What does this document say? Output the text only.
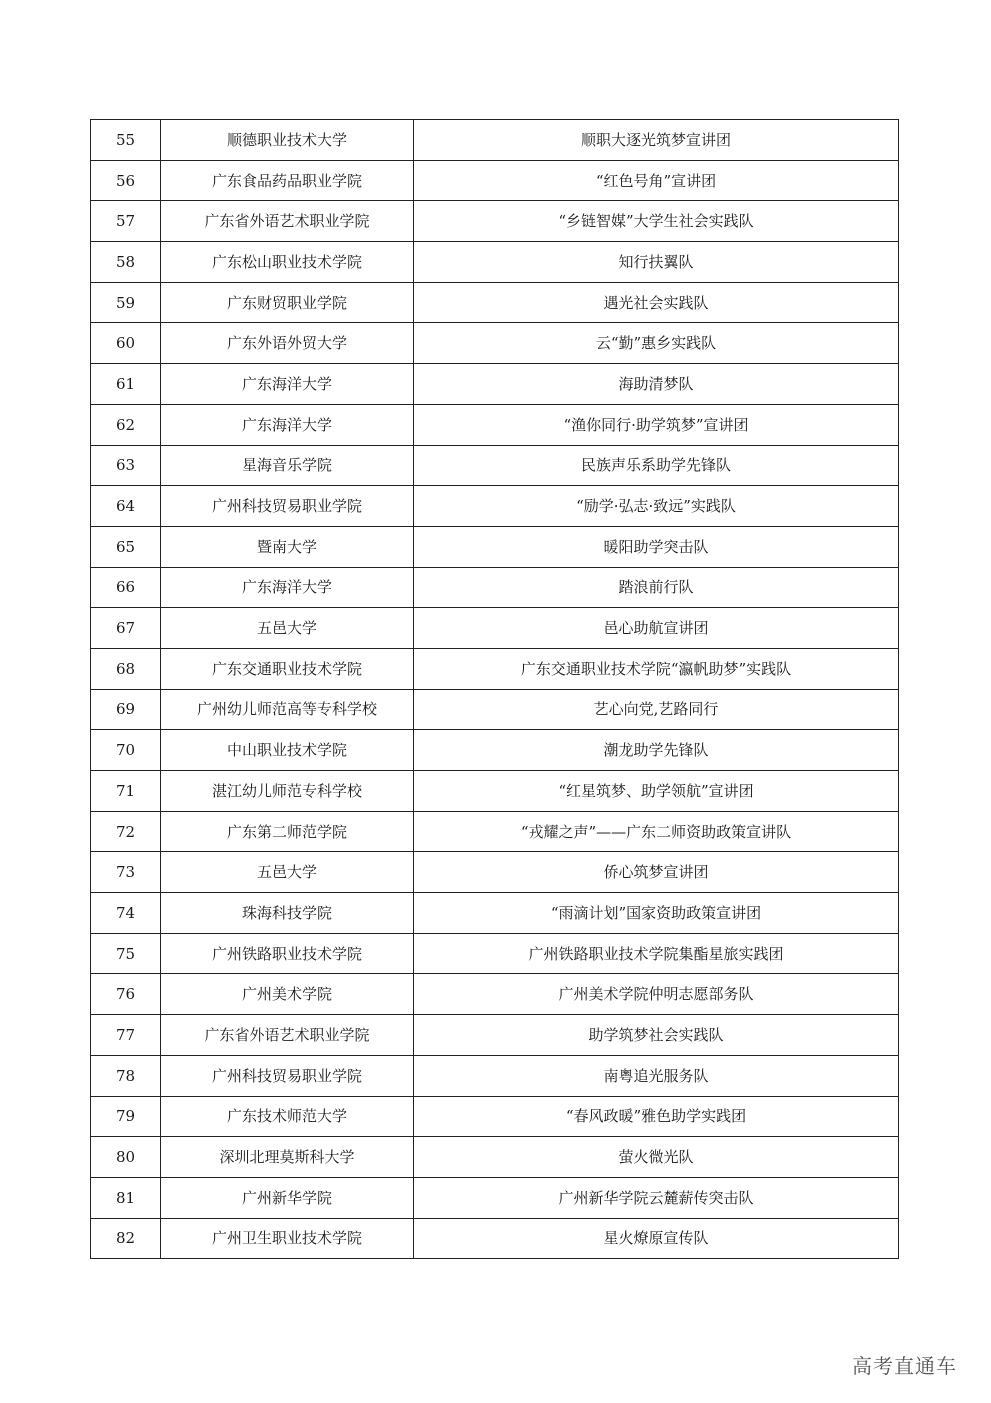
55	顺德职业技术大学	顺职大逐光筑梦宣讲团
56	广东食品药品职业学院	“红色号角”宣讲团
57	广东省外语艺术职业学院	“乡链智媒”大学生社会实践队
58	广东松山职业技术学院	知行扶翼队
59	广东财贸职业学院	遇光社会实践队
60	广东外语外贸大学	云“勤”惠乡实践队
61	广东海洋大学	海助清梦队
62	广东海洋大学	“渔你同行·助学筑梦”宣讲团
63	星海音乐学院	民族声乐系助学先锋队
64	广州科技贸易职业学院	“励学·弘志·致远”实践队
65	暨南大学	暖阳助学突击队
66	广东海洋大学	踏浪前行队
67	五邑大学	邑心助航宣讲团
68	广东交通职业技术学院	广东交通职业技术学院“瀛帆助梦”实践队
69	广州幼儿师范高等专科学校	艺心向党,艺路同行
70	中山职业技术学院	潮龙助学先锋队
71	湛江幼儿师范专科学校	“红星筑梦、助学领航”宣讲团
72	广东第二师范学院	“戎耀之声”——广东二师资助政策宣讲队
73	五邑大学	侨心筑梦宣讲团
74	珠海科技学院	“雨滴计划”国家资助政策宣讲团
75	广州铁路职业技术学院	广州铁路职业技术学院集酯星旅实践团
76	广州美术学院	广州美术学院仲明志愿部务队
77	广东省外语艺术职业学院	助学筑梦社会实践队
78	广州科技贸易职业学院	南粤追光服务队
79	广东技术师范大学	“春风政暖”雅色助学实践团
80	深圳北理莫斯科大学	萤火微光队
81	广州新华学院	广州新华学院云麓薪传突击队
82	广州卫生职业技术学院	星火燎原宣传队
高考直通车
